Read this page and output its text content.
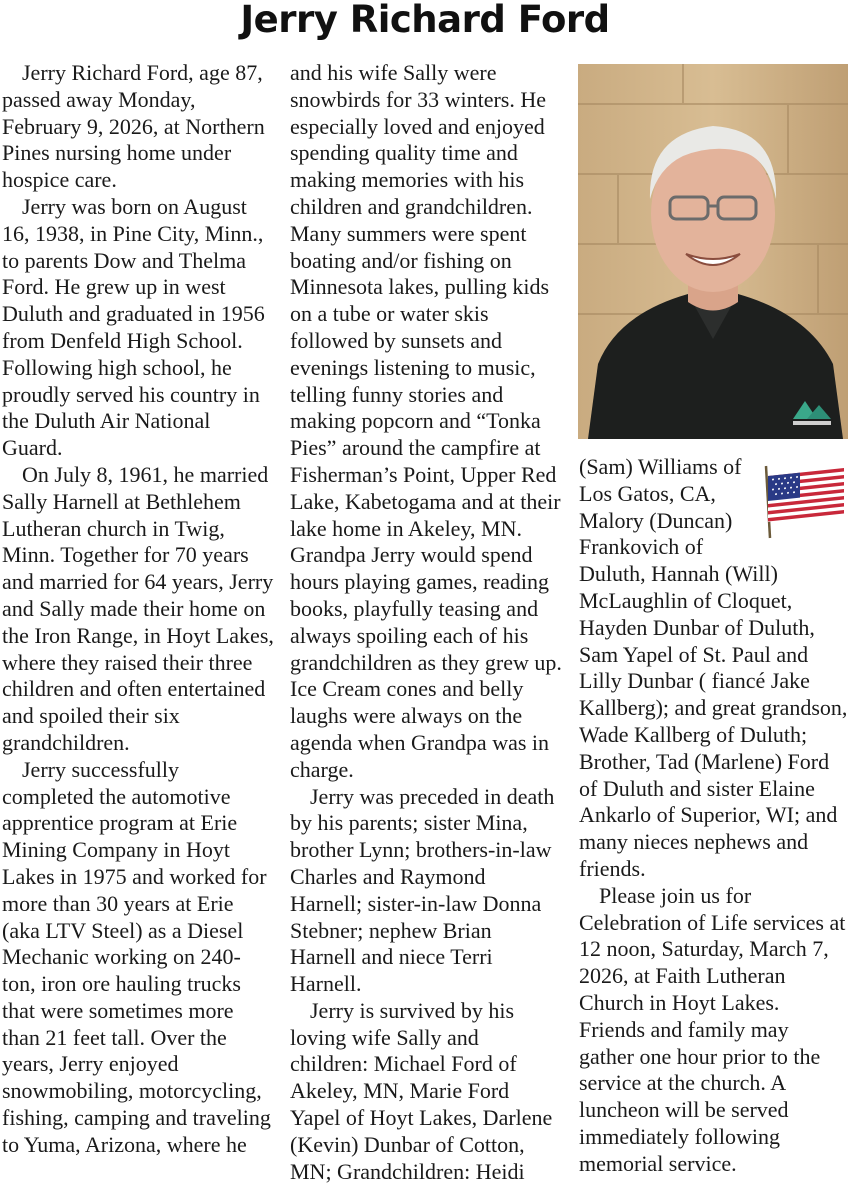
Jerry Richard Ford

Jerry Richard Ford, age 87, passed away Monday, February 9, 2026, at Northern Pines nursing home under hospice care.

Jerry was born on August 16, 1938, in Pine City, Minn., to parents Dow and Thelma Ford. He grew up in west Duluth and graduated in 1956 from Denfeld High School. Following high school, he proudly served his country in the Duluth Air National Guard.

On July 8, 1961, he married Sally Harnell at Bethlehem Lutheran church in Twig, Minn. Together for 70 years and married for 64 years, Jerry and Sally made their home on the Iron Range, in Hoyt Lakes, where they raised their three children and often entertained and spoiled their six grandchildren.

Jerry successfully completed the automotive apprentice program at Erie Mining Company in Hoyt Lakes in 1975 and worked for more than 30 years at Erie (aka LTV Steel) as a Diesel Mechanic working on 240-ton, iron ore hauling trucks that were sometimes more than 21 feet tall. Over the years, Jerry enjoyed snowmobiling, motorcycling, fishing, camping and traveling to Yuma, Arizona, where he

and his wife Sally were snowbirds for 33 winters. He especially loved and enjoyed spending quality time and making memories with his children and grandchildren. Many summers were spent boating and/or fishing on Minnesota lakes, pulling kids on a tube or water skis followed by sunsets and evenings listening to music, telling funny stories and making popcorn and “Tonka Pies” around the campfire at Fisherman’s Point, Upper Red Lake, Kabetogama and at their lake home in Akeley, MN. Grandpa Jerry would spend hours playing games, reading books, playfully teasing and always spoiling each of his grandchildren as they grew up. Ice Cream cones and belly laughs were always on the agenda when Grandpa was in charge.

Jerry was preceded in death by his parents; sister Mina, brother Lynn; brothers-in-law Charles and Raymond Harnell; sister-in-law Donna Stebner; nephew Brian Harnell and niece Terri Harnell.

Jerry is survived by his loving wife Sally and children: Michael Ford of Akeley, MN, Marie Ford Yapel of Hoyt Lakes, Darlene (Kevin) Dunbar of Cotton, MN; Grandchildren: Heidi

(Sam) Williams of Los Gatos, CA, Malory (Duncan) Frankovich of Duluth, Hannah (Will) McLaughlin of Cloquet, Hayden Dunbar of Duluth, Sam Yapel of St. Paul and Lilly Dunbar ( fiancé Jake Kallberg); and great grandson, Wade Kallberg of Duluth; Brother, Tad (Marlene) Ford of Duluth and sister Elaine Ankarlo of Superior, WI; and many nieces nephews and friends.

Please join us for Celebration of Life services at 12 noon, Saturday, March 7, 2026, at Faith Lutheran Church in Hoyt Lakes. Friends and family may gather one hour prior to the service at the church. A luncheon will be served immediately following memorial service.
